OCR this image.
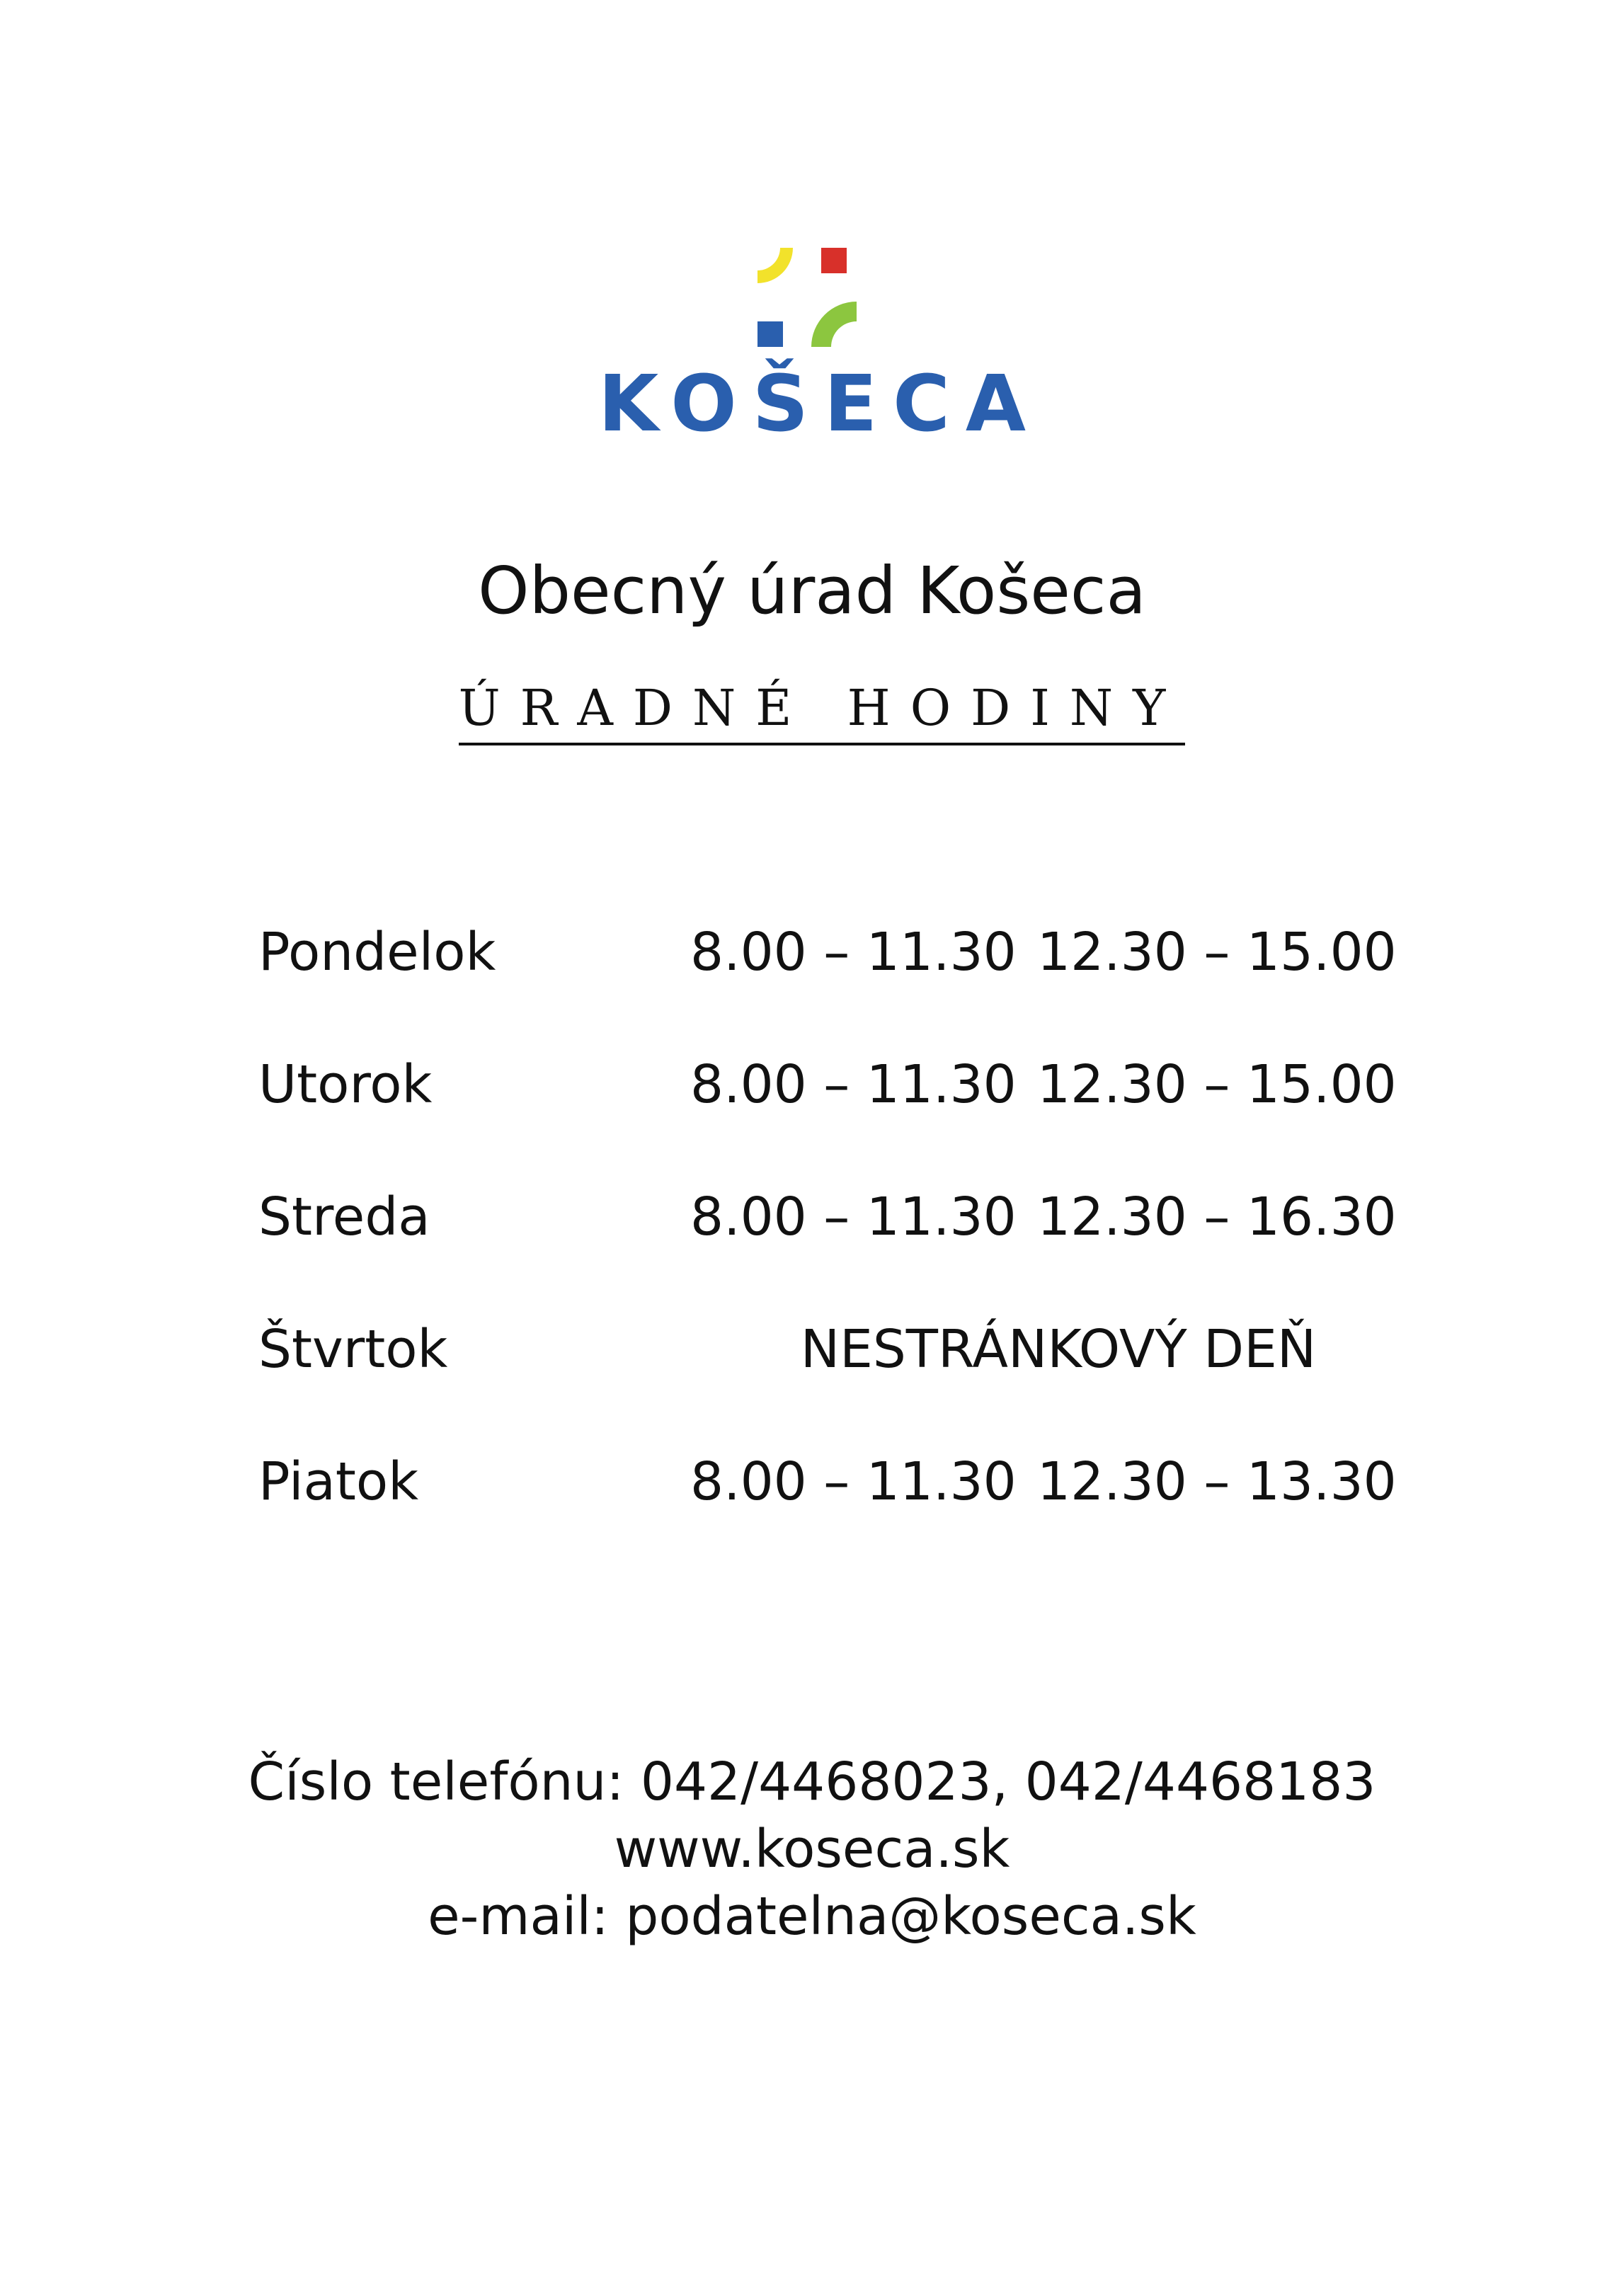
KOŠECA
Obecný úrad Košeca
ÚRADNÉ HODINY
Pondelok	8.00 – 11.30 12.30 – 15.00
Utorok	8.00 – 11.30 12.30 – 15.00
Streda	8.00 – 11.30 12.30 – 16.30
Štvrtok	NESTRÁNKOVÝ DEŇ
Piatok	8.00 – 11.30 12.30 – 13.30
Číslo telefónu: 042/4468023, 042/4468183
www.koseca.sk
e-mail: podatelna@koseca.sk
